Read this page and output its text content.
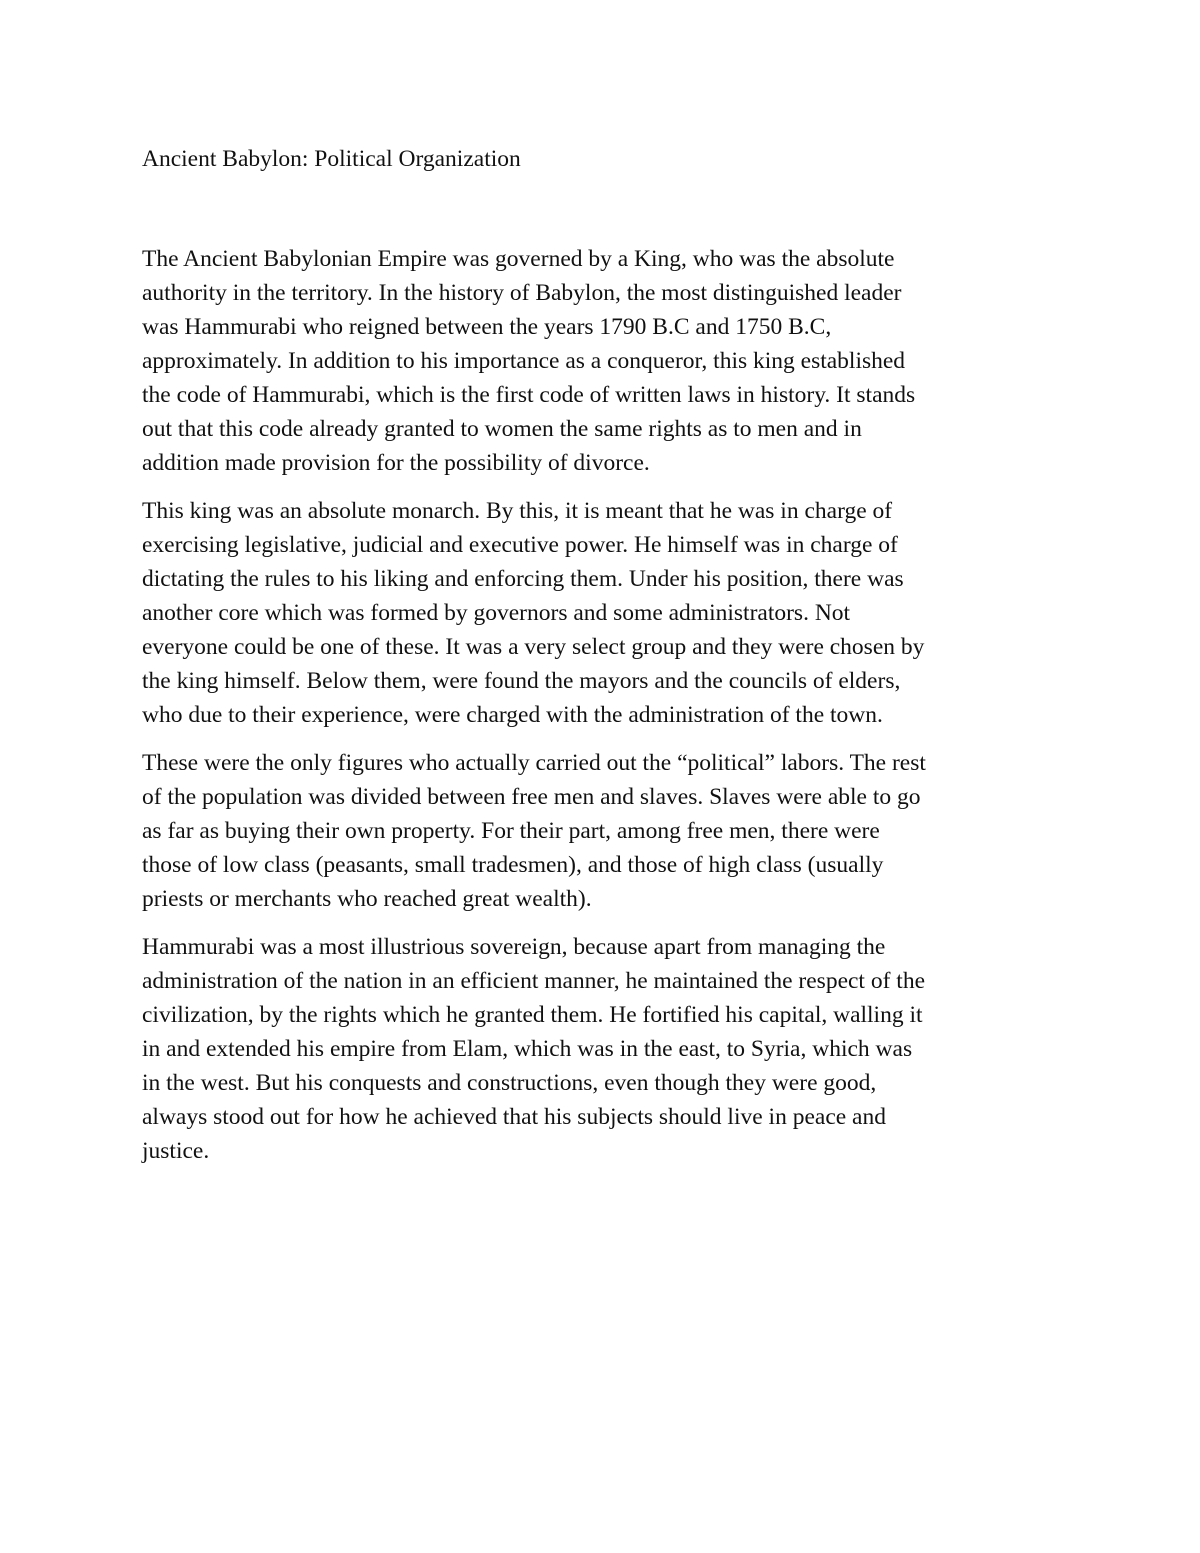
Ancient Babylon: Political Organization

The Ancient Babylonian Empire was governed by a King, who was the absolute
authority in the territory. In the history of Babylon, the most distinguished leader
was Hammurabi who reigned between the years 1790 B.C and 1750 B.C,
approximately. In addition to his importance as a conqueror, this king established
the code of Hammurabi, which is the first code of written laws in history. It stands
out that this code already granted to women the same rights as to men and in
addition made provision for the possibility of divorce.

This king was an absolute monarch. By this, it is meant that he was in charge of
exercising legislative, judicial and executive power. He himself was in charge of
dictating the rules to his liking and enforcing them. Under his position, there was
another core which was formed by governors and some administrators. Not
everyone could be one of these. It was a very select group and they were chosen by
the king himself. Below them, were found the mayors and the councils of elders,
who due to their experience, were charged with the administration of the town.

These were the only figures who actually carried out the “political” labors. The rest
of the population was divided between free men and slaves. Slaves were able to go
as far as buying their own property. For their part, among free men, there were
those of low class (peasants, small tradesmen), and those of high class (usually
priests or merchants who reached great wealth).

Hammurabi was a most illustrious sovereign, because apart from managing the
administration of the nation in an efficient manner, he maintained the respect of the
civilization, by the rights which he granted them. He fortified his capital, walling it
in and extended his empire from Elam, which was in the east, to Syria, which was
in the west. But his conquests and constructions, even though they were good,
always stood out for how he achieved that his subjects should live in peace and
justice.
